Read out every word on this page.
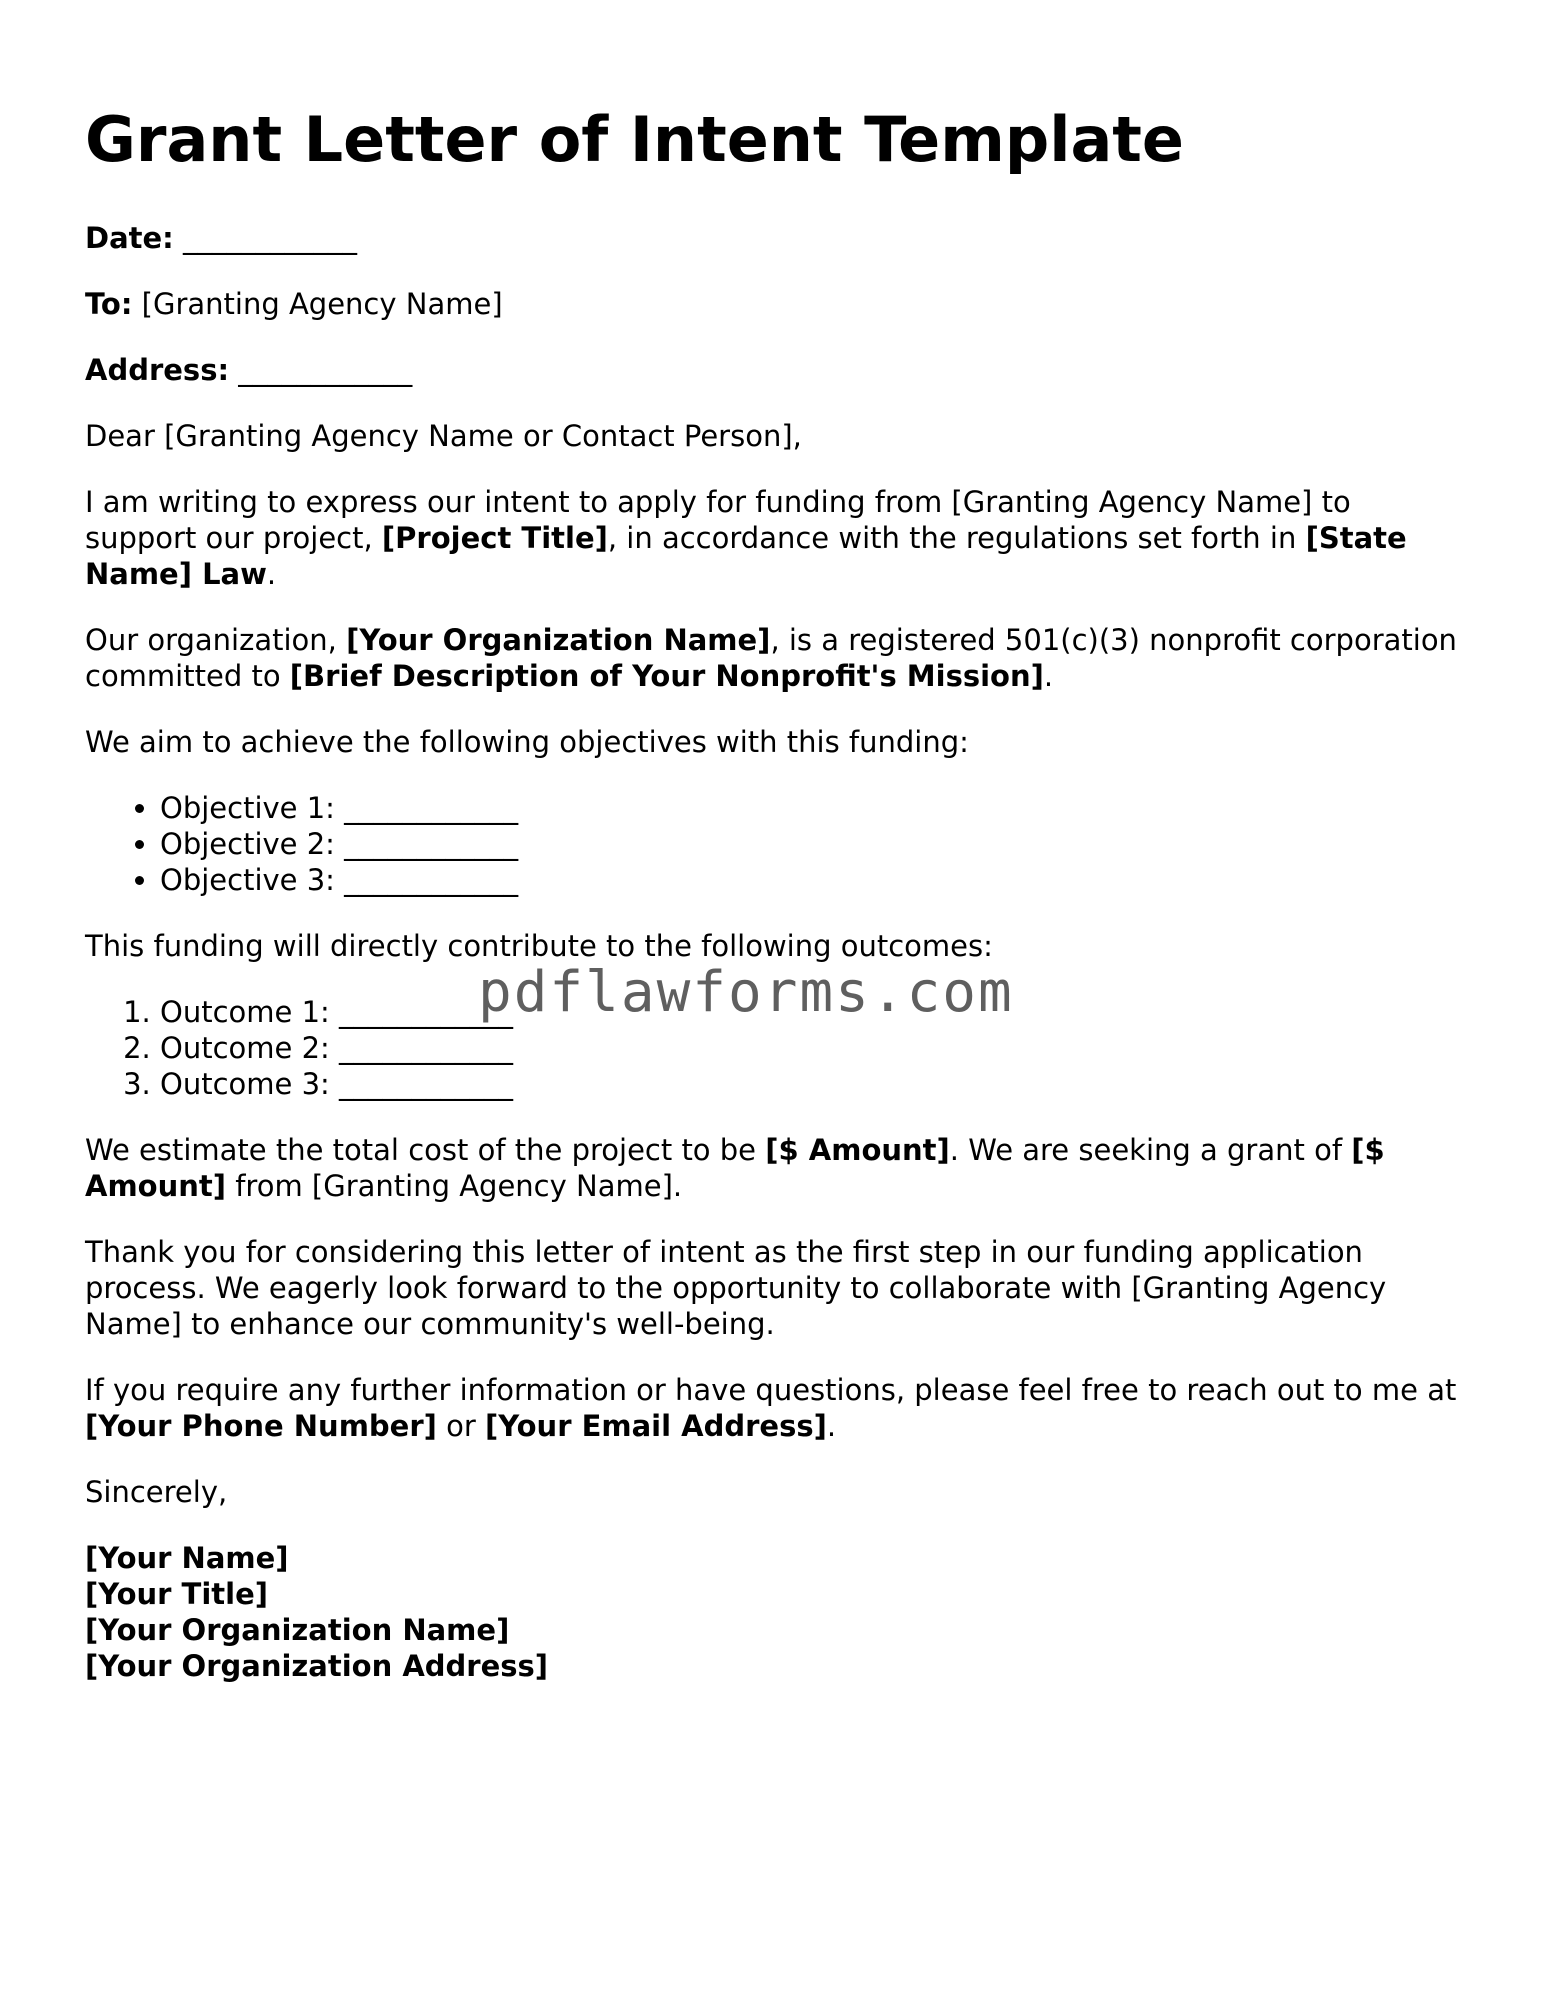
Grant Letter of Intent Template

Date: ____________

To: [Granting Agency Name]

Address: ____________

Dear [Granting Agency Name or Contact Person],

I am writing to express our intent to apply for funding from [Granting Agency Name] to support our project, [Project Title], in accordance with the regulations set forth in [State Name] Law.

Our organization, [Your Organization Name], is a registered 501(c)(3) nonprofit corporation committed to [Brief Description of Your Nonprofit's Mission].

We aim to achieve the following objectives with this funding:

• Objective 1: ____________
• Objective 2: ____________
• Objective 3: ____________

This funding will directly contribute to the following outcomes:

1. Outcome 1: ____________
2. Outcome 2: ____________
3. Outcome 3: ____________

We estimate the total cost of the project to be [$ Amount]. We are seeking a grant of [$ Amount] from [Granting Agency Name].

Thank you for considering this letter of intent as the first step in our funding application process. We eagerly look forward to the opportunity to collaborate with [Granting Agency Name] to enhance our community's well-being.

If you require any further information or have questions, please feel free to reach out to me at [Your Phone Number] or [Your Email Address].

Sincerely,

[Your Name]
[Your Title]
[Your Organization Name]
[Your Organization Address]

pdflawforms.com
